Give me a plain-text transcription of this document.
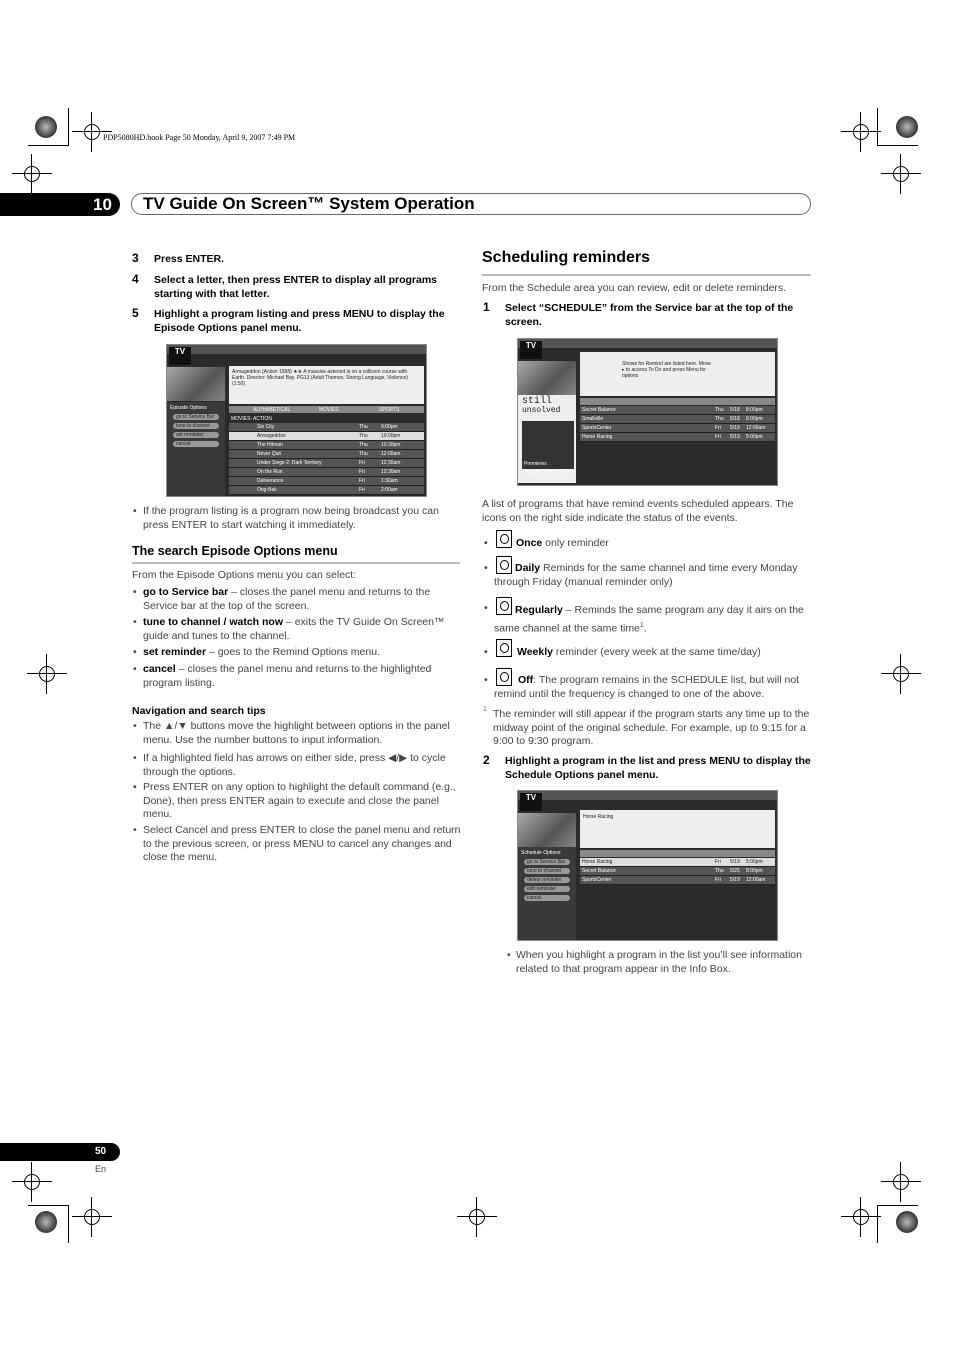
PDP5080HD.book Page 50 Monday, April 9, 2007 7:49 PM
10 TV Guide On Screen™ System Operation
3 Press ENTER.
4 Select a letter, then press ENTER to display all programs starting with that letter.
5 Highlight a program listing and press MENU to display the Episode Options panel menu.
TV
Armageddon (Action 1998) ★★ A massive asteroid is on a collision course with Earth. Director: Michael Bay. PG13 (Adult Themes, Strong Language, Violence) (1:50)
Episode Options
go to Service Bar
tune to channel
set reminder
cancel
ALPHABETICAL	MOVIES	SPORTS
MOVIES: ACTION
Sin City	Thu	9:00pm
Armageddon	Thu	10:00pm
The Hitman	Thu	10:30pm
Never Quit	Thu	12:00am
Under Siege 2: Dark Territory	Fri	12:30am
On the Run	Fri	12:30am
Deliverance	Fri	1:30am
Ong-Bak	Fri	2:00am
• If the program listing is a program now being broadcast you can press ENTER to start watching it immediately.
The search Episode Options menu
From the Episode Options menu you can select:
• go to Service bar – closes the panel menu and returns to the Service bar at the top of the screen.
• tune to channel / watch now – exits the TV Guide On Screen™ guide and tunes to the channel.
• set reminder – goes to the Remind Options menu.
• cancel – closes the panel menu and returns to the highlighted program listing.
Navigation and search tips
• The ▲/▼ buttons move the highlight between options in the panel menu. Use the number buttons to input information.
• If a highlighted field has arrows on either side, press ◀/▶ to cycle through the options.
• Press ENTER on any option to highlight the default command (e.g., Done), then press ENTER again to execute and close the panel menu.
• Select Cancel and press ENTER to close the panel menu and return to the previous screen, or press MENU to cancel any changes and close the menu.
Scheduling reminders
From the Schedule area you can review, edit or delete reminders.
1 Select “SCHEDULE” from the Service bar at the top of the screen.
TV
still
unsolved
Premieres
Tonight 10/9c on TNT
Shows for Remind are listed here. Move ▸ to access To Do and press Menu for options
Secret Balance	Thu 5/18 8:00pm
Smallville	Thu 5/18 8:00pm
SportsCenter	Fri 5/19 12:00am
Horse Racing	Fri 5/19 5:00pm
A list of programs that have remind events scheduled appears. The icons on the right side indicate the status of the events.
•	Once only reminder
•	Daily Reminds for the same channel and time every Monday through Friday (manual reminder only)
•	Regularly – Reminds the same program any day it airs on the same channel at the same time$^1$.
•	Weekly reminder (every week at the same time/day)
•	Off: The program remains in the SCHEDULE list, but will not remind until the frequency is changed to one of the above.
1 The reminder will still appear if the program starts any time up to the midway point of the original schedule. For example, up to 9:15 for a 9:00 to 9:30 program.
2 Highlight a program in the list and press MENU to display the Schedule Options panel menu.
TV
Horse Racing
Schedule Options
go to Service Bar
tune to channel
delete reminder
edit reminder
cancel
Horse Racing	Fri 5/19 5:00pm
Secret Balance	Thu 5/25 8:00pm
SportsCenter	Fri 5/19 12:00am
• When you highlight a program in the list you’ll see information related to that program appear in the Info Box.
50
En
